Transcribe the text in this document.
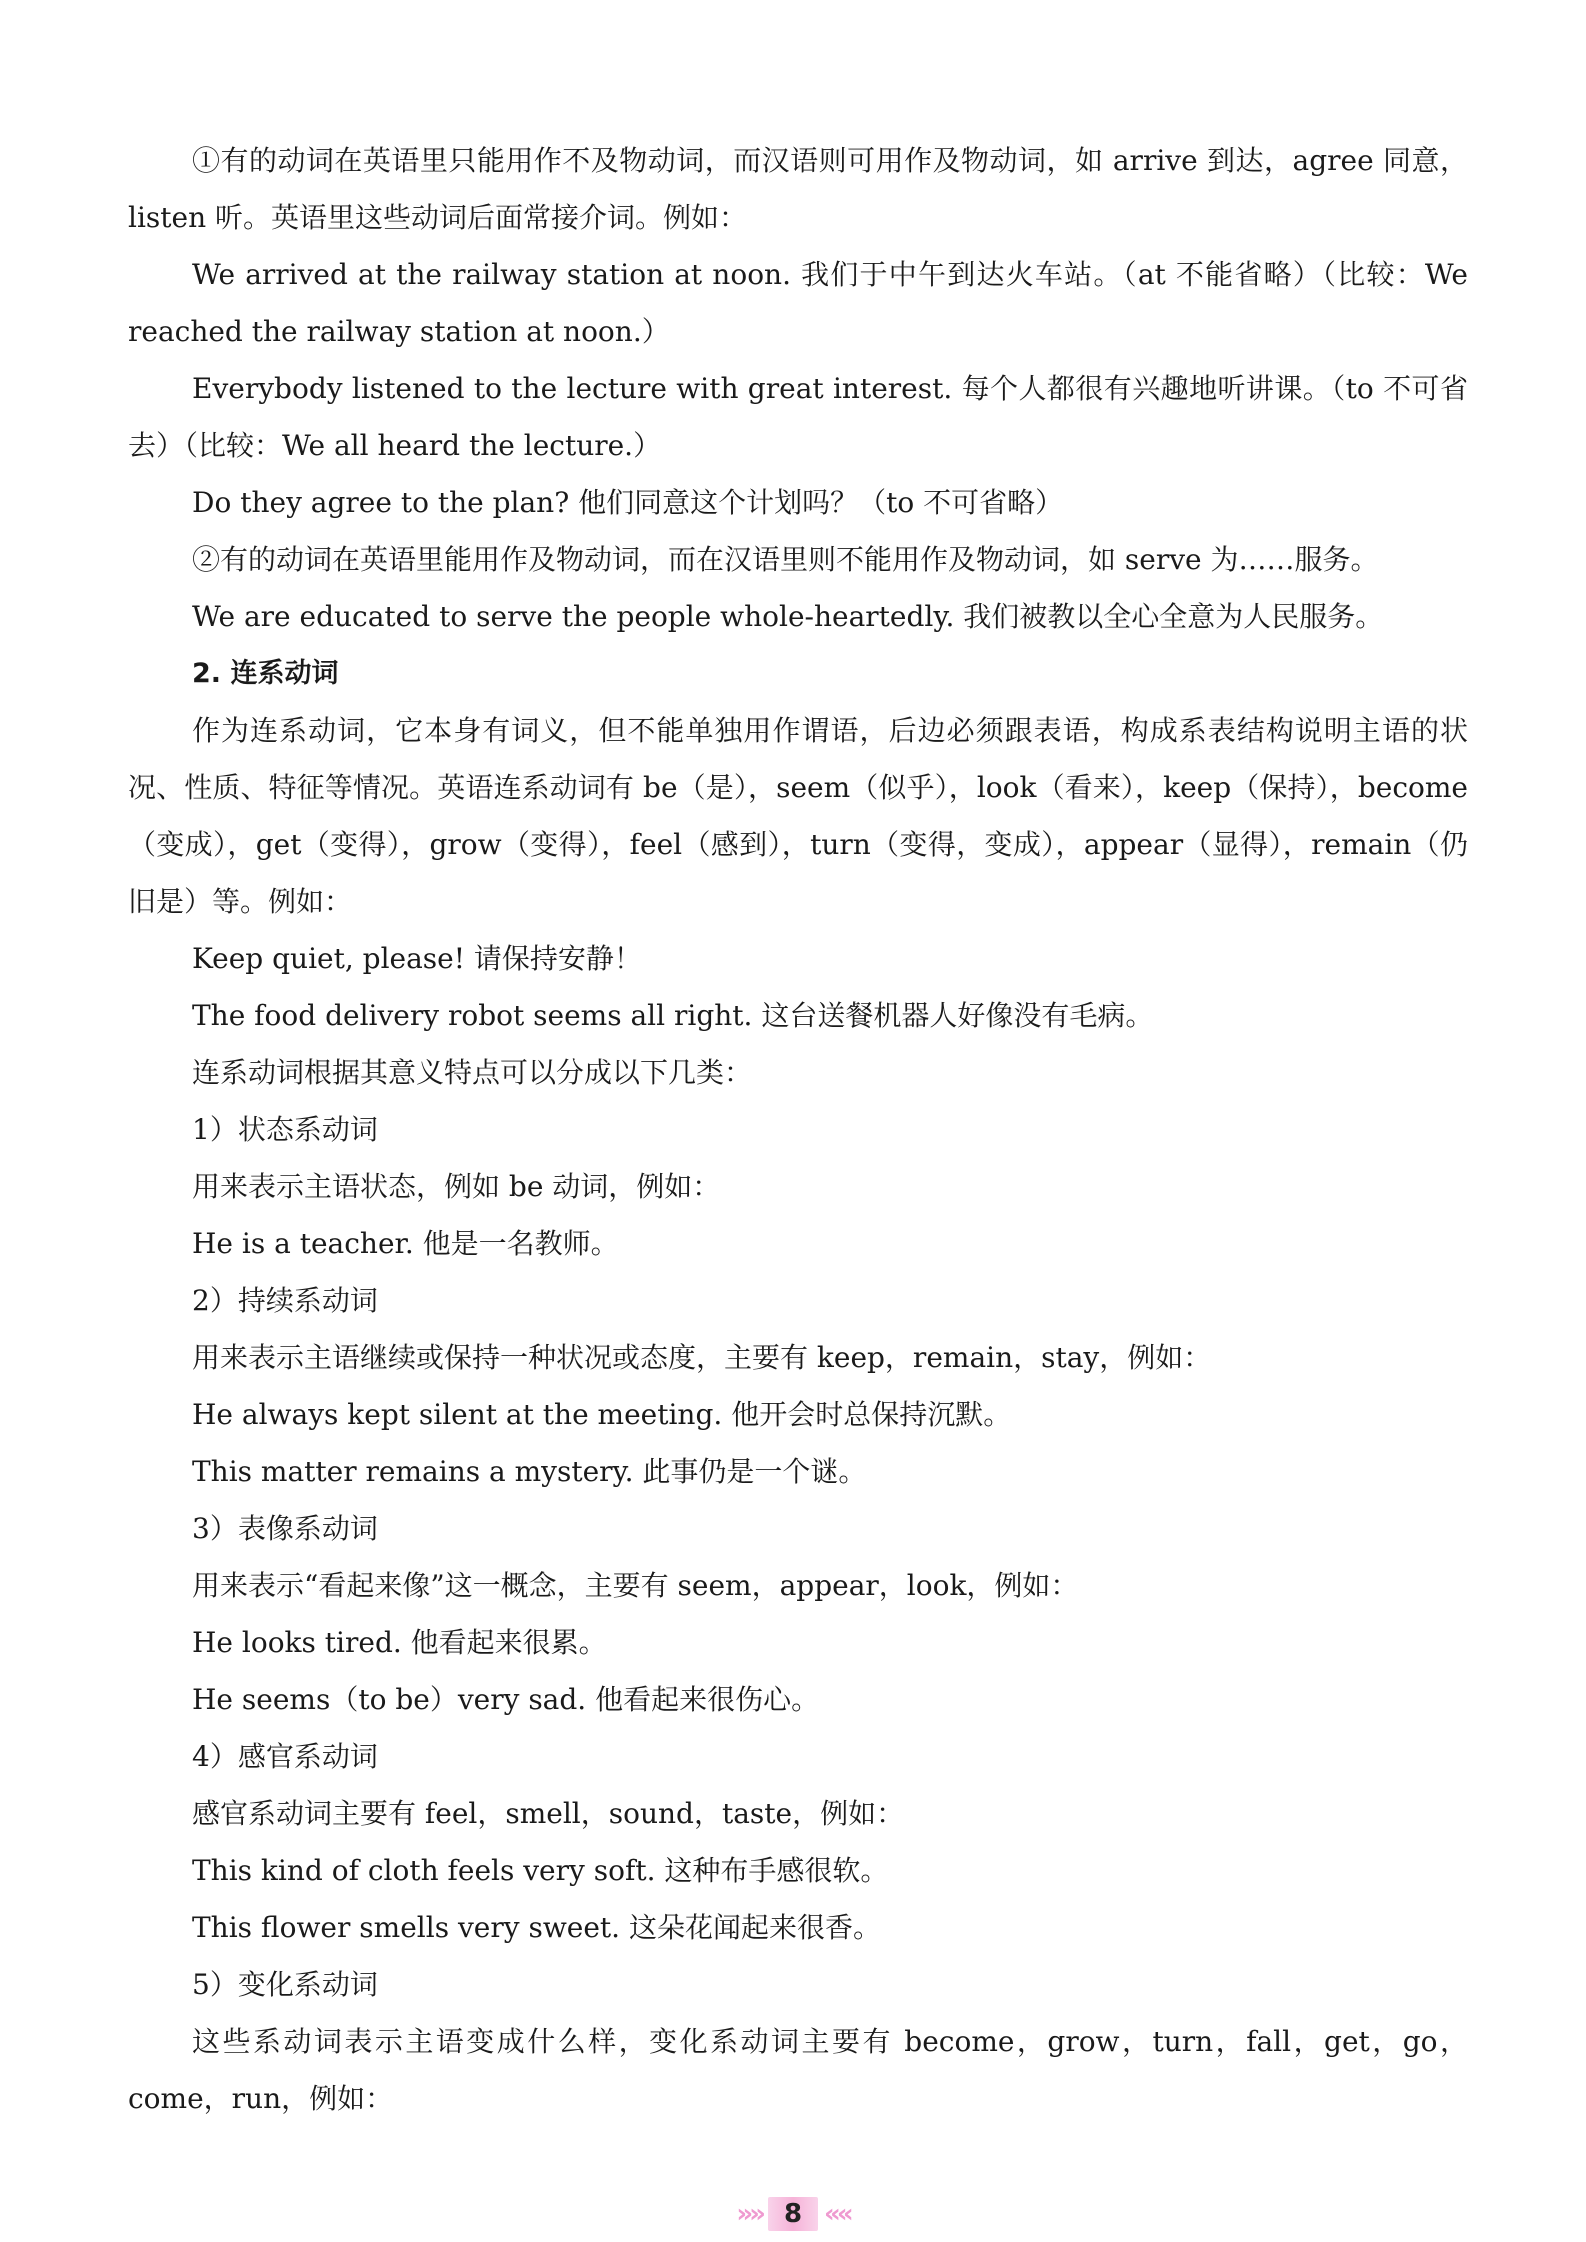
①有的动词在英语里只能用作不及物动词，而汉语则可用作及物动词，如 arrive 到达，agree 同意，listen 听。英语里这些动词后面常接介词。例如：

We arrived at the railway station at noon. 我们于中午到达火车站。（at 不能省略）（比较：We reached the railway station at noon.）

Everybody listened to the lecture with great interest. 每个人都很有兴趣地听讲课。（to 不可省去）（比较：We all heard the lecture.）

Do they agree to the plan? 他们同意这个计划吗？（to 不可省略）

②有的动词在英语里能用作及物动词，而在汉语里则不能用作及物动词，如 serve 为……服务。

We are educated to serve the people whole-heartedly. 我们被教以全心全意为人民服务。

2. 连系动词

作为连系动词，它本身有词义，但不能单独用作谓语，后边必须跟表语，构成系表结构说明主语的状况、性质、特征等情况。英语连系动词有 be（是），seem（似乎），look（看来），keep（保持），become（变成），get（变得），grow（变得），feel（感到），turn（变得，变成），appear（显得），remain（仍旧是）等。例如：

Keep quiet, please! 请保持安静！

The food delivery robot seems all right. 这台送餐机器人好像没有毛病。

连系动词根据其意义特点可以分成以下几类：

1）状态系动词

用来表示主语状态，例如 be 动词，例如：

He is a teacher. 他是一名教师。

2）持续系动词

用来表示主语继续或保持一种状况或态度，主要有 keep，remain，stay，例如：

He always kept silent at the meeting. 他开会时总保持沉默。

This matter remains a mystery. 此事仍是一个谜。

3）表像系动词

用来表示“看起来像”这一概念，主要有 seem，appear，look，例如：

He looks tired. 他看起来很累。

He seems（to be）very sad. 他看起来很伤心。

4）感官系动词

感官系动词主要有 feel，smell，sound，taste，例如：

This kind of cloth feels very soft. 这种布手感很软。

This flower smells very sweet. 这朵花闻起来很香。

5）变化系动词

这些系动词表示主语变成什么样，变化系动词主要有 become，grow，turn，fall，get，go，come，run，例如：

»» 8 ««
